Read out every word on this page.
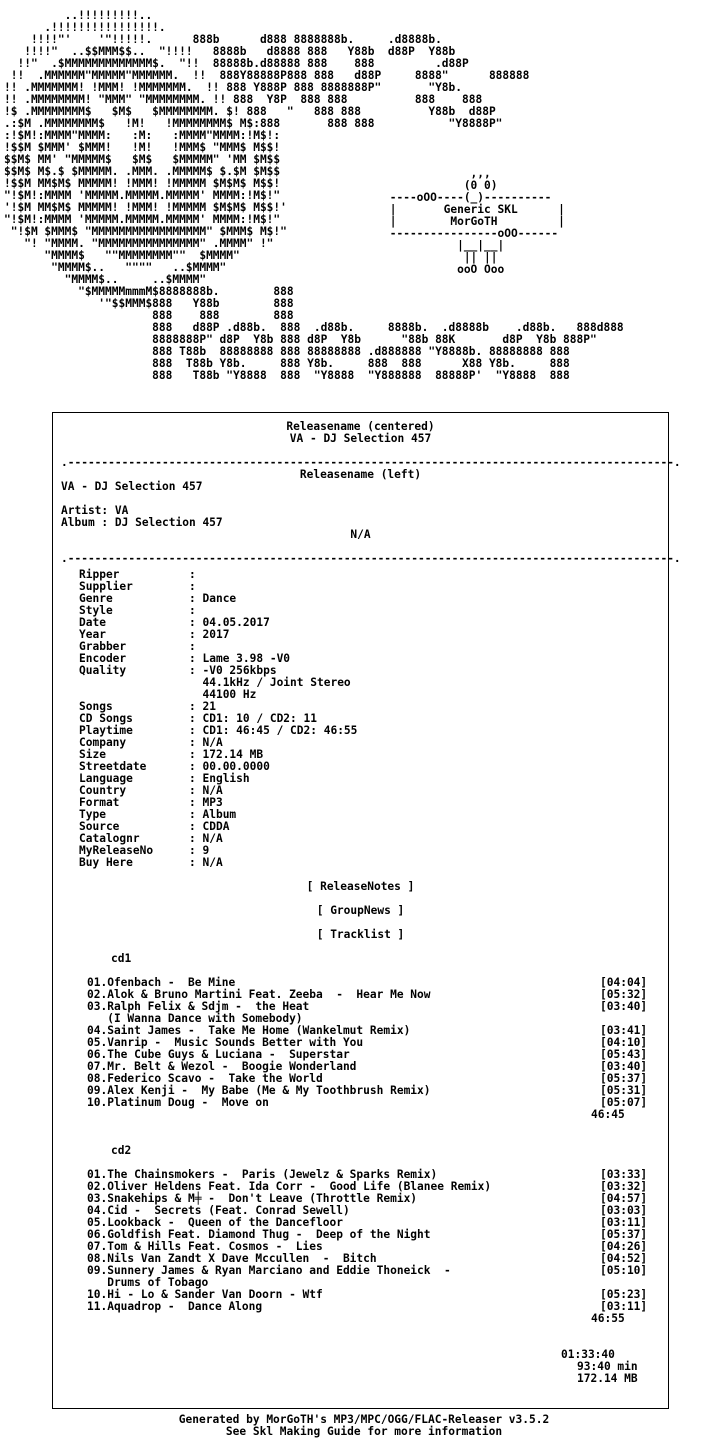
..!!!!!!!!!..
.!!!!!!!!!!!!!!!!.
!!!!"'    '"!!!!!.      888b      d888 8888888b.     .d8888b.
!!!!"  ..$$MMM$$..  "!!!!   8888b   d8888 888   Y88b  d88P  Y88b
!!"  .$MMMMMMMMMMMMM$.  "!!  88888b.d88888 888    888         .d88P
!!  .MMMMMM"MMMMM"MMMMMM.  !!  888Y88888P888 888   d88P     8888"      888888
!! .MMMMMMM! !MMM! !MMMMMMM.  !! 888 Y888P 888 8888888P"       "Y8b.
!! .MMMMMMMM! "MMM" "MMMMMMMM. !! 888  Y8P  888 888          888    888
!$ .MMMMMMMM$   $M$   $MMMMMMMM. $! 888   "   888 888          Y88b  d88P
.:$M .MMMMMMMM$   !M!   !MMMMMMMM$ M$:888       888 888           "Y8888P"
:!$M!:MMMM"MMMM:   :M:   :MMMM"MMMM:!M$!:
!$$M $MMM' $MMM!   !M!   !MMM$ "MMM$ M$$!
$$M$ MM' "MMMMM$   $M$   $MMMMM" 'MM $M$$
$$M$ M$.$ $MMMMM. .MMM. .MMMMM$ $.$M $M$$
!$$M MM$M$ MMMMM! !MMM! !MMMMM $M$M$ M$$!
"!$M!:MMMM 'MMMMM.MMMMM.MMMMM' MMMM:!M$!"
'!$M MM$M$ MMMMM! !MMM! !MMMMM $M$M$ M$$!'
"!$M!:MMMM 'MMMMM.MMMMM.MMMMM' MMMM:!M$!"
"!$M $MMM$ "MMMMMMMMMMMMMMMMM" $MMM$ M$!"
"! "MMMM. "MMMMMMMMMMMMMMM" .MMMM" !"
"MMMM$   ""MMMMMMMM""  $MMMM"
"MMMM$..   """"   ..$MMMM"
"MMMM$..     ..$MMMM"
"$MMMMMmmmM$8888888b.        888
'"$$MMM$888   Y88b        888
888    888        888
888   d88P .d88b.  888  .d88b.     8888b.  .d8888b    .d88b.   888d888
8888888P" d8P  Y8b 888 d8P  Y8b      "88b 88K       d8P  Y8b 888P"
888 T88b  88888888 888 88888888 .d888888 "Y8888b. 88888888 888
888  T88b Y8b.     888 Y8b.     888  888      X88 Y8b.     888
888   T88b "Y8888  888  "Y8888  "Y888888  88888P'  "Y8888  888
,,,
(0 0)
----oOO----(_)----------
|       Generic SKL      |
|        MorGoTH         |
----------------oOO------
|__|__|
|| ||
ooO Ooo
Releasename (centered)
VA - DJ Selection 457
.------------------------------------------------------------------------------------------.
Releasename (left)
VA - DJ Selection 457

Artist: VA
Album : DJ Selection 457
N/A
.------------------------------------------------------------------------------------------.
Ripper	:
Supplier	:
Genre	: Dance
Style	:
Date	: 04.05.2017
Year	: 2017
Grabber	:
Encoder	: Lame 3.98 -V0
Quality	: -V0 256kbps

44.1kHz / Joint Stereo

44100 Hz
Songs	: 21
CD Songs	: CD1: 10 / CD2: 11
Playtime	: CD1: 46:45 / CD2: 46:55
Company	: N/A
Size	: 172.14 MB
Streetdate	: 00.00.0000
Language	: English
Country	: N/A
Format	: MP3
Type	: Album
Source	: CDDA
Catalognr	: N/A
MyReleaseNo	: 9
Buy Here	: N/A
[ ReleaseNotes ]
[ GroupNews ]
[ Tracklist ]
cd1
01.Ofenbach -  Be Mine	[04:04]
02.Alok & Bruno Martini Feat. Zeeba  -  Hear Me Now	[05:32]
03.Ralph Felix & Sdjm -  the Heat	[03:40]
(I Wanna Dance with Somebody)
04.Saint James -  Take Me Home (Wankelmut Remix)	[03:41]
05.Vanrip -  Music Sounds Better with You	[04:10]
06.The Cube Guys & Luciana -  Superstar	[05:43]
07.Mr. Belt & Wezol -  Boogie Wonderland	[03:40]
08.Federico Scavo -  Take the World	[05:37]
09.Alex Kenji -  My Babe (Me & My Toothbrush Remix)	[05:31]
10.Platinum Doug -  Move on	[05:07]
46:45
cd2
01.The Chainsmokers -  Paris (Jewelz & Sparks Remix)	[03:33]
02.Oliver Heldens Feat. Ida Corr -  Good Life (Blanee Remix)	[03:32]
03.Snakehips & M╪ -  Don't Leave (Throttle Remix)	[04:57]
04.Cid -  Secrets (Feat. Conrad Sewell)	[03:03]
05.Lookback -  Queen of the Dancefloor	[03:11]
06.Goldfish Feat. Diamond Thug -  Deep of the Night	[05:37]
07.Tom & Hills Feat. Cosmos -  Lies	[04:26]
08.Nils Van Zandt X Dave Mccullen  -  Bitch	[04:52]
09.Sunnery James & Ryan Marciano and Eddie Thoneick  -	[05:10]
Drums of Tobago
10.Hi - Lo & Sander Van Doorn - Wtf	[05:23]
11.Aquadrop -  Dance Along	[03:11]
46:55
01:33:40
93:40 min
172.14 MB
Generated by MorGoTH's MP3/MPC/OGG/FLAC-Releaser v3.5.2
See Skl Making Guide for more information
